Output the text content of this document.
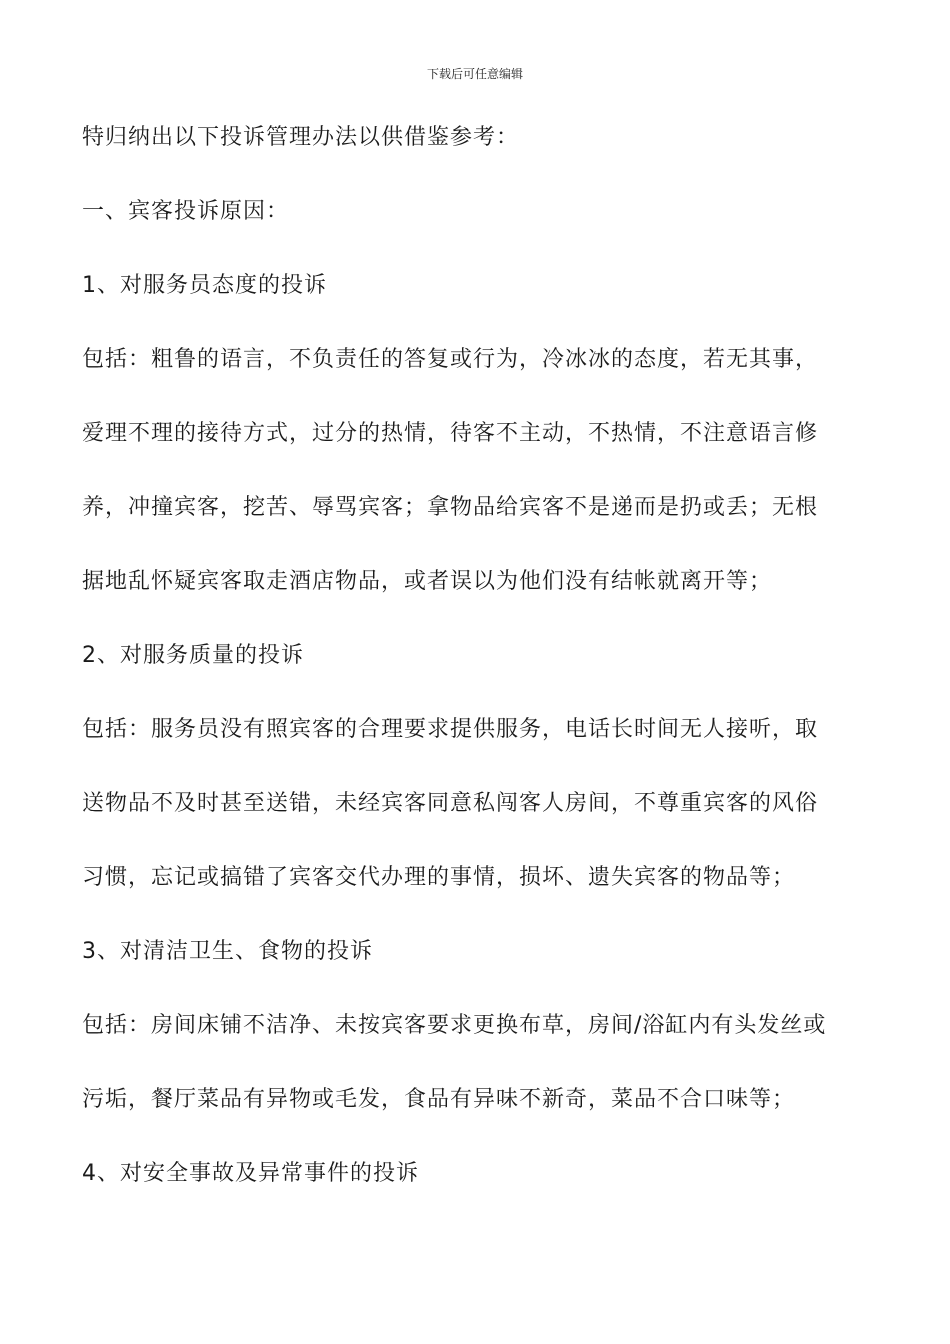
下载后可任意编辑
特归纳出以下投诉管理办法以供借鉴参考：
一、宾客投诉原因：
1、对服务员态度的投诉
包括：粗鲁的语言，不负责任的答复或行为，冷冰冰的态度，若无其事，
爱理不理的接待方式，过分的热情，待客不主动，不热情，不注意语言修
养，冲撞宾客，挖苦、辱骂宾客；拿物品给宾客不是递而是扔或丢；无根
据地乱怀疑宾客取走酒店物品，或者误以为他们没有结帐就离开等；
2、对服务质量的投诉
包括：服务员没有照宾客的合理要求提供服务，电话长时间无人接听，取
送物品不及时甚至送错，未经宾客同意私闯客人房间，不尊重宾客的风俗
习惯，忘记或搞错了宾客交代办理的事情，损坏、遗失宾客的物品等；
3、对清洁卫生、食物的投诉
包括：房间床铺不洁净、未按宾客要求更换布草，房间/浴缸内有头发丝或
污垢，餐厅菜品有异物或毛发，食品有异味不新奇，菜品不合口味等；
4、对安全事故及异常事件的投诉
